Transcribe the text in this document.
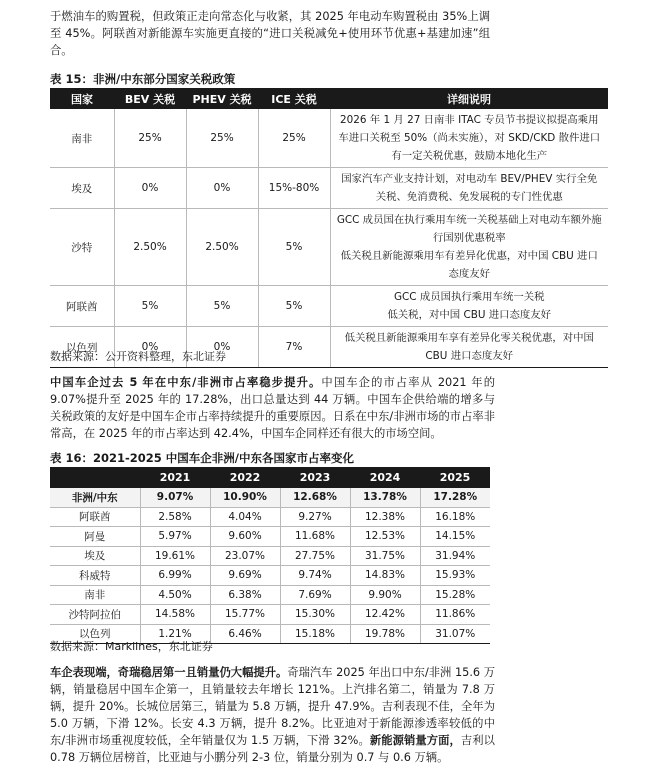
于燃油车的购置税，但政策正走向常态化与收紧，其 2025 年电动车购置税由 35%上调至 45%。阿联酋对新能源车实施更直接的“进口关税减免+使用环节优惠+基建加速”组合。

表 15：非洲/中东部分国家关税政策
国家	BEV 关税	PHEV 关税	ICE 关税	详细说明
南非	25%	25%	25%	2026 年 1 月 27 日南非 ITAC 专员节书提议拟提高乘用车进口关税至 50%（尚未实施），对 SKD/CKD 散件进口有一定关税优惠，鼓励本地化生产
埃及	0%	0%	15%-80%	国家汽车产业支持计划，对电动车 BEV/PHEV 实行全免关税、免消费税、免发展税的专门性优惠
沙特	2.50%	2.50%	5%	GCC 成员国在执行乘用车统一关税基础上对电动车额外施行国别优惠税率
低关税且新能源乘用车有差异化优惠，对中国 CBU 进口态度友好
阿联酋	5%	5%	5%	GCC 成员国执行乘用车统一关税
低关税，对中国 CBU 进口态度友好
以色列	0%	0%	7%	低关税且新能源乘用车享有差异化零关税优惠，对中国 CBU 进口态度友好
数据来源：公开资料整理，东北证券

中国车企过去 5 年在中东/非洲市占率稳步提升。中国车企的市占率从 2021 年的 9.07%提升至 2025 年的 17.28%，出口总量达到 44 万辆。中国车企供给端的增多与关税政策的友好是中国车企市占率持续提升的重要原因。日系在中东/非洲市场的市占率非常高，在 2025 年的市占率达到 42.4%，中国车企同样还有很大的市场空间。

表 16：2021-2025 中国车企非洲/中东各国家市占率变化
	2021	2022	2023	2024	2025
非洲/中东	9.07%	10.90%	12.68%	13.78%	17.28%
阿联酋	2.58%	4.04%	9.27%	12.38%	16.18%
阿曼	5.97%	9.60%	11.68%	12.53%	14.15%
埃及	19.61%	23.07%	27.75%	31.75%	31.94%
科威特	6.99%	9.69%	9.74%	14.83%	15.93%
南非	4.50%	6.38%	7.69%	9.90%	15.28%
沙特阿拉伯	14.58%	15.77%	15.30%	12.42%	11.86%
以色列	1.21%	6.46%	15.18%	19.78%	31.07%
数据来源：Marklines，东北证券

车企表现端，奇瑞稳居第一且销量仍大幅提升。奇瑞汽车 2025 年出口中东/非洲 15.6 万辆，销量稳居中国车企第一，且销量较去年增长 121%。上汽排名第二，销量为 7.8 万辆，提升 20%。长城位居第三，销量为 5.8 万辆，提升 47.9%。吉利表现不佳，全年为 5.0 万辆，下滑 12%。长安 4.3 万辆，提升 8.2%。比亚迪对于新能源渗透率较低的中东/非洲市场重视度较低，全年销量仅为 1.5 万辆，下滑 32%。新能源销量方面，吉利以 0.78 万辆位居榜首，比亚迪与小鹏分列 2-3 位，销量分别为 0.7 与 0.6 万辆。
